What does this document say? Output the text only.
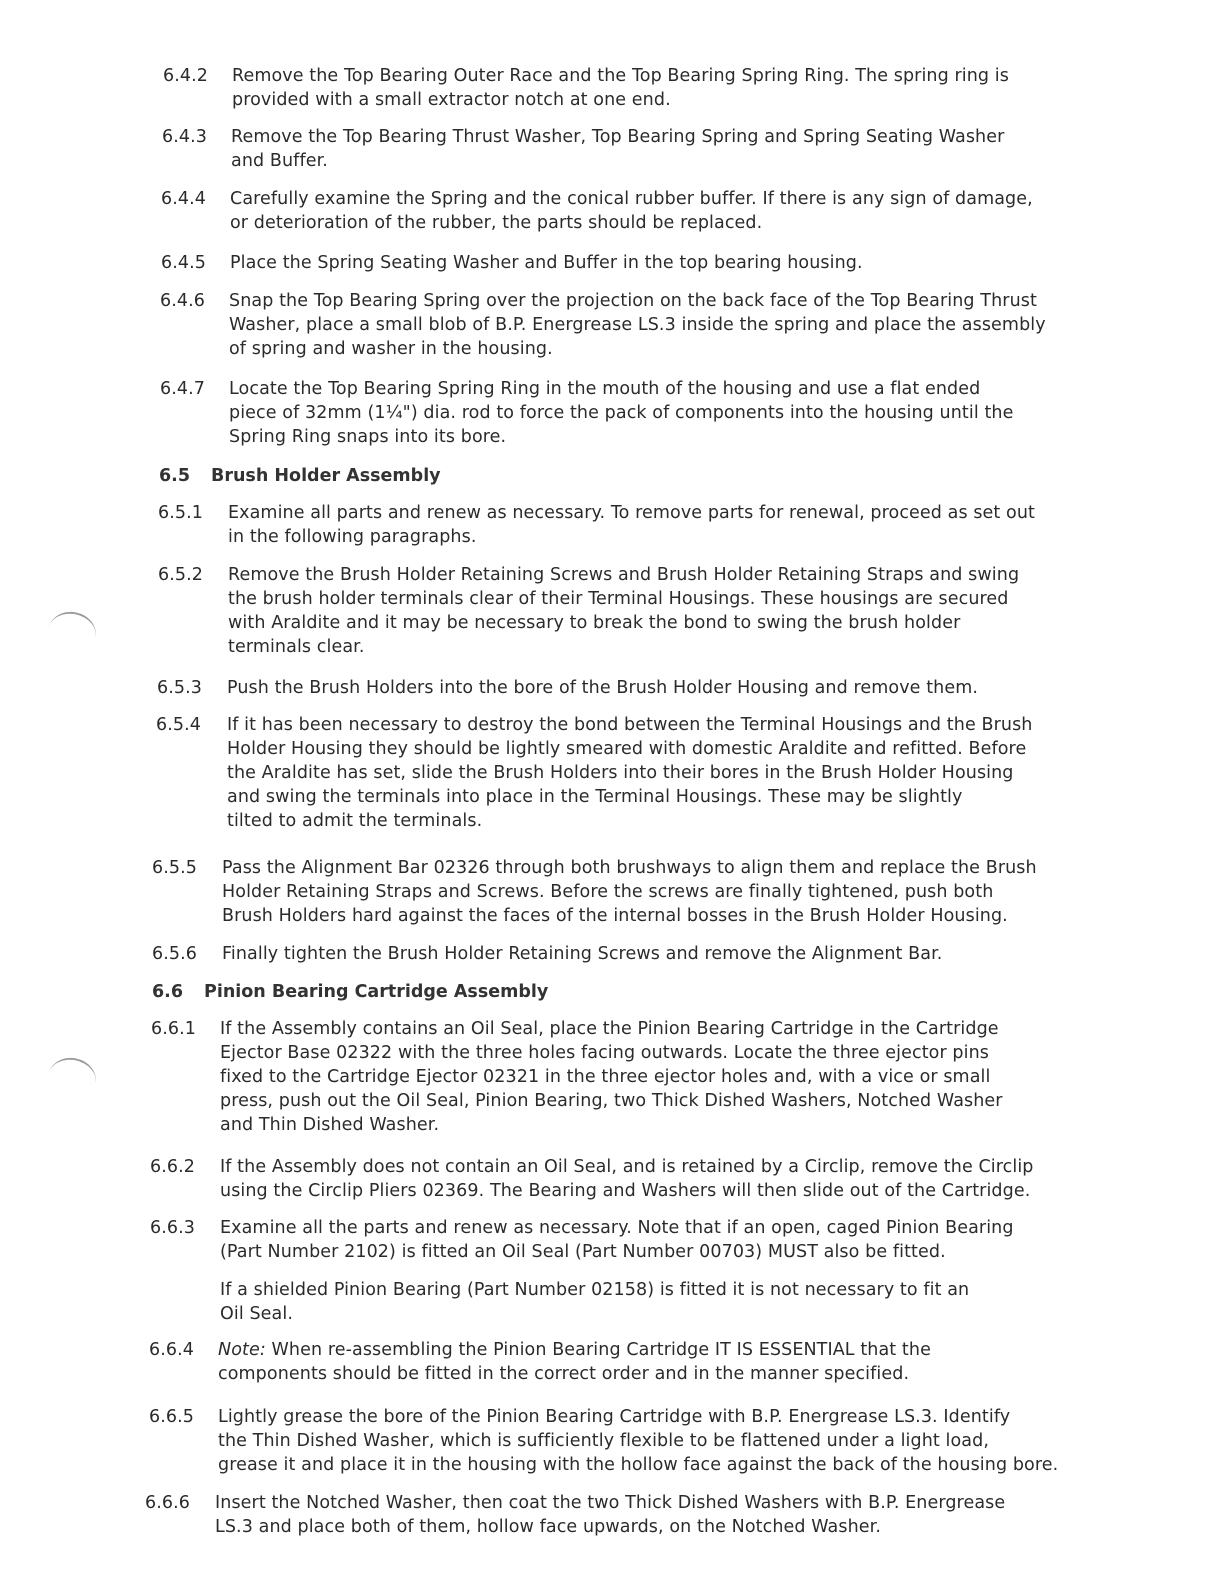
6.4.2 Remove the Top Bearing Outer Race and the Top Bearing Spring Ring. The spring ring is
provided with a small extractor notch at one end.
6.4.3 Remove the Top Bearing Thrust Washer, Top Bearing Spring and Spring Seating Washer
and Buffer.
6.4.4 Carefully examine the Spring and the conical rubber buffer. If there is any sign of damage,
or deterioration of the rubber, the parts should be replaced.
6.4.5 Place the Spring Seating Washer and Buffer in the top bearing housing.
6.4.6 Snap the Top Bearing Spring over the projection on the back face of the Top Bearing Thrust
Washer, place a small blob of B.P. Energrease LS.3 inside the spring and place the assembly
of spring and washer in the housing.
6.4.7 Locate the Top Bearing Spring Ring in the mouth of the housing and use a flat ended
piece of 32mm (1¼") dia. rod to force the pack of components into the housing until the
Spring Ring snaps into its bore.
6.5 Brush Holder Assembly
6.5.1 Examine all parts and renew as necessary. To remove parts for renewal, proceed as set out
in the following paragraphs.
6.5.2 Remove the Brush Holder Retaining Screws and Brush Holder Retaining Straps and swing
the brush holder terminals clear of their Terminal Housings. These housings are secured
with Araldite and it may be necessary to break the bond to swing the brush holder
terminals clear.
6.5.3 Push the Brush Holders into the bore of the Brush Holder Housing and remove them.
6.5.4 If it has been necessary to destroy the bond between the Terminal Housings and the Brush
Holder Housing they should be lightly smeared with domestic Araldite and refitted. Before
the Araldite has set, slide the Brush Holders into their bores in the Brush Holder Housing
and swing the terminals into place in the Terminal Housings. These may be slightly
tilted to admit the terminals.
6.5.5 Pass the Alignment Bar 02326 through both brushways to align them and replace the Brush
Holder Retaining Straps and Screws. Before the screws are finally tightened, push both
Brush Holders hard against the faces of the internal bosses in the Brush Holder Housing.
6.5.6 Finally tighten the Brush Holder Retaining Screws and remove the Alignment Bar.
6.6 Pinion Bearing Cartridge Assembly
6.6.1 If the Assembly contains an Oil Seal, place the Pinion Bearing Cartridge in the Cartridge
Ejector Base 02322 with the three holes facing outwards. Locate the three ejector pins
fixed to the Cartridge Ejector 02321 in the three ejector holes and, with a vice or small
press, push out the Oil Seal, Pinion Bearing, two Thick Dished Washers, Notched Washer
and Thin Dished Washer.
6.6.2 If the Assembly does not contain an Oil Seal, and is retained by a Circlip, remove the Circlip
using the Circlip Pliers 02369. The Bearing and Washers will then slide out of the Cartridge.
6.6.3 Examine all the parts and renew as necessary. Note that if an open, caged Pinion Bearing
(Part Number 2102) is fitted an Oil Seal (Part Number 00703) MUST also be fitted.
If a shielded Pinion Bearing (Part Number 02158) is fitted it is not necessary to fit an
Oil Seal.
6.6.4 Note: When re-assembling the Pinion Bearing Cartridge IT IS ESSENTIAL that the
components should be fitted in the correct order and in the manner specified.
6.6.5 Lightly grease the bore of the Pinion Bearing Cartridge with B.P. Energrease LS.3. Identify
the Thin Dished Washer, which is sufficiently flexible to be flattened under a light load,
grease it and place it in the housing with the hollow face against the back of the housing bore.
6.6.6 Insert the Notched Washer, then coat the two Thick Dished Washers with B.P. Energrease
LS.3 and place both of them, hollow face upwards, on the Notched Washer.
